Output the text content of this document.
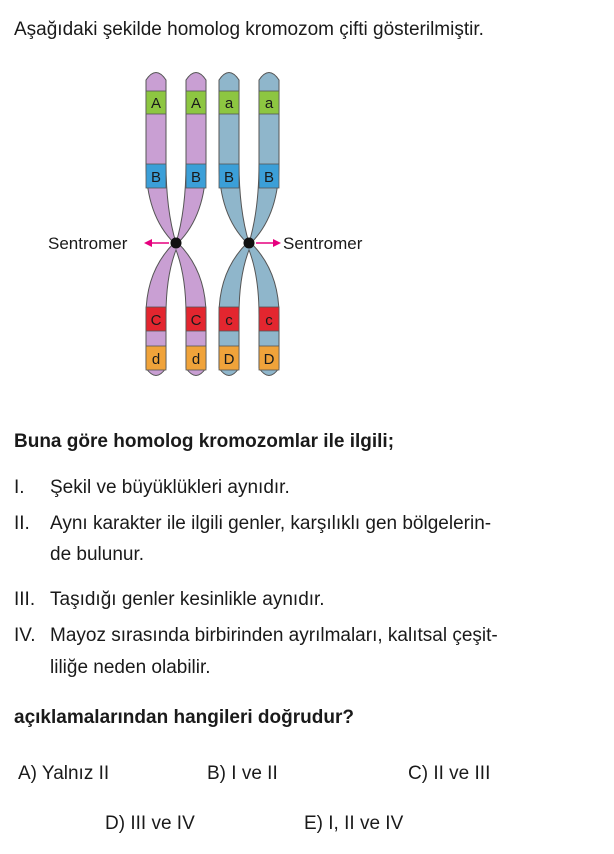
Aşağıdaki şekilde homolog kromozom çifti gösterilmiştir.
A A a a
B B B B
C C c c
d d D D
Sentromer	Sentromer
Buna göre homolog kromozomlar ile ilgili;
I. Şekil ve büyüklükleri aynıdır.
II. Aynı karakter ile ilgili genler, karşılıklı gen bölgelerin-
de bulunur.
III. Taşıdığı genler kesinlikle aynıdır.
IV. Mayoz sırasında birbirinden ayrılmaları, kalıtsal çeşit-
liliğe neden olabilir.
açıklamalarından hangileri doğrudur?
A) Yalnız II	B) I ve II	C) II ve III
D) III ve IV	E) I, II ve IV
